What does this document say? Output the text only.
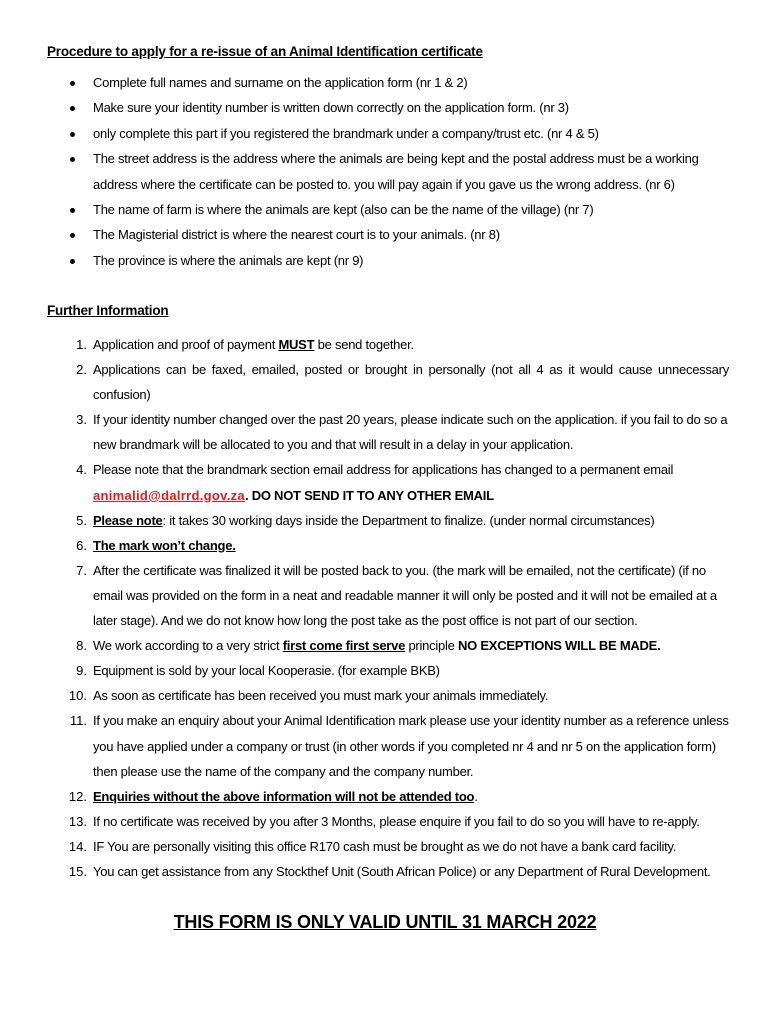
Procedure to apply for a re-issue of an Animal Identification certificate
Complete full names and surname on the application form (nr 1 & 2)
Make sure your identity number is written down correctly on the application form. (nr 3)
only complete this part if you registered the brandmark under a company/trust etc. (nr 4 & 5)
The street address is the address where the animals are being kept and the postal address must be a working address where the certificate can be posted to. you will pay again if you gave us the wrong address. (nr 6)
The name of farm is where the animals are kept (also can be the name of the village) (nr 7)
The Magisterial district is where the nearest court is to your animals. (nr 8)
The province is where the animals are kept (nr 9)
Further Information
1. Application and proof of payment MUST be send together.
2. Applications can be faxed, emailed, posted or brought in personally (not all 4 as it would cause unnecessary confusion)
3. If your identity number changed over the past 20 years, please indicate such on the application. if you fail to do so a new brandmark will be allocated to you and that will result in a delay in your application.
4. Please note that the brandmark section email address for applications has changed to a permanent email
animalid@dalrrd.gov.za. DO NOT SEND IT TO ANY OTHER EMAIL
5. Please note: it takes 30 working days inside the Department to finalize. (under normal circumstances)
6. The mark won’t change.
7. After the certificate was finalized it will be posted back to you. (the mark will be emailed, not the certificate) (if no email was provided on the form in a neat and readable manner it will only be posted and it will not be emailed at a later stage). And we do not know how long the post take as the post office is not part of our section.
8. We work according to a very strict first come first serve principle NO EXCEPTIONS WILL BE MADE.
9. Equipment is sold by your local Kooperasie. (for example BKB)
10. As soon as certificate has been received you must mark your animals immediately.
11. If you make an enquiry about your Animal Identification mark please use your identity number as a reference unless you have applied under a company or trust (in other words if you completed nr 4 and nr 5 on the application form) then please use the name of the company and the company number.
12. Enquiries without the above information will not be attended too.
13. If no certificate was received by you after 3 Months, please enquire if you fail to do so you will have to re-apply.
14. IF You are personally visiting this office R170 cash must be brought as we do not have a bank card facility.
15. You can get assistance from any Stockthef Unit (South African Police) or any Department of Rural Development.
THIS FORM IS ONLY VALID UNTIL 31 MARCH 2022
